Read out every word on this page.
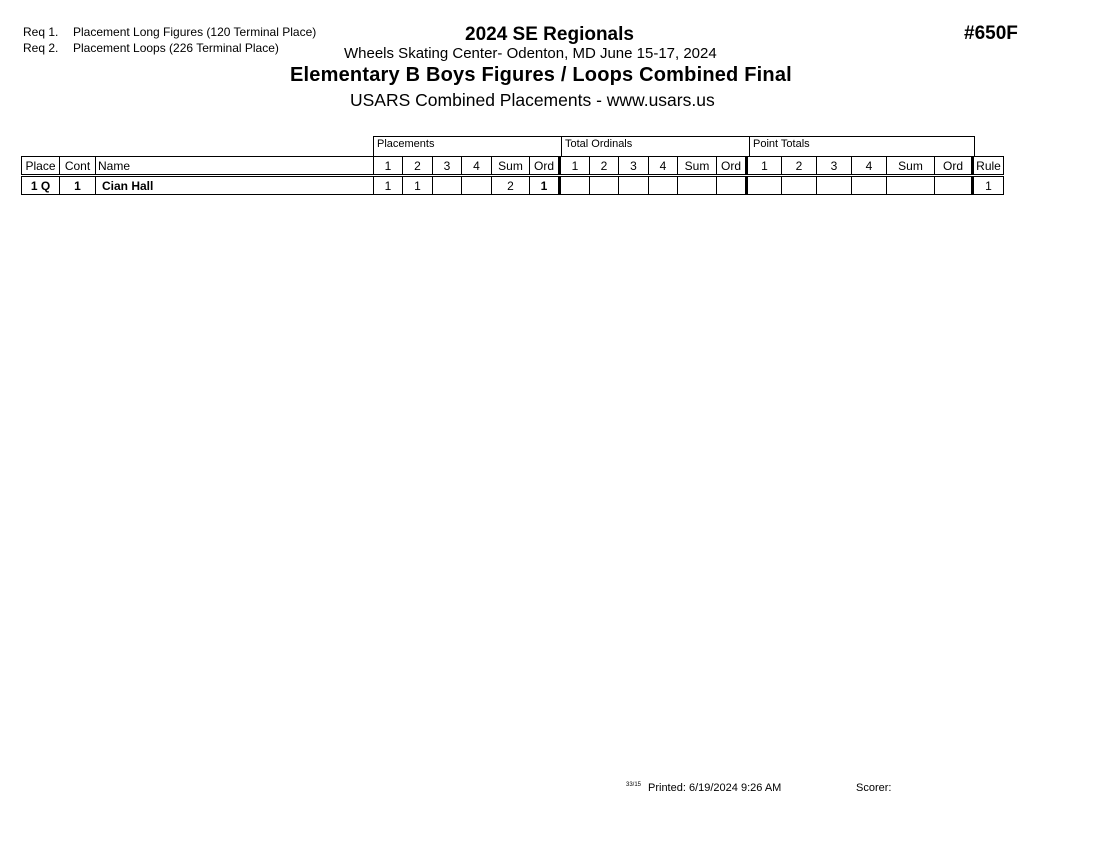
Req 1. Placement Long Figures (120 Terminal Place)
Req 2. Placement Loops (226 Terminal Place)
2024 SE Regionals
Wheels Skating Center- Odenton, MD June 15-17, 2024
Elementary B Boys Figures / Loops Combined Final
USARS Combined Placements - www.usars.us
#650F
Placements	Total Ordinals	Point Totals
Place	Cont	Name	1	2	3	4	Sum	Ord	1	2	3	4	Sum	Ord	1	2	3	4	Sum	Ord	Rule
1 Q	1	Cian Hall	1	1			2	1													1
33/15 Printed: 6/19/2024 9:26 AM	Scorer:
